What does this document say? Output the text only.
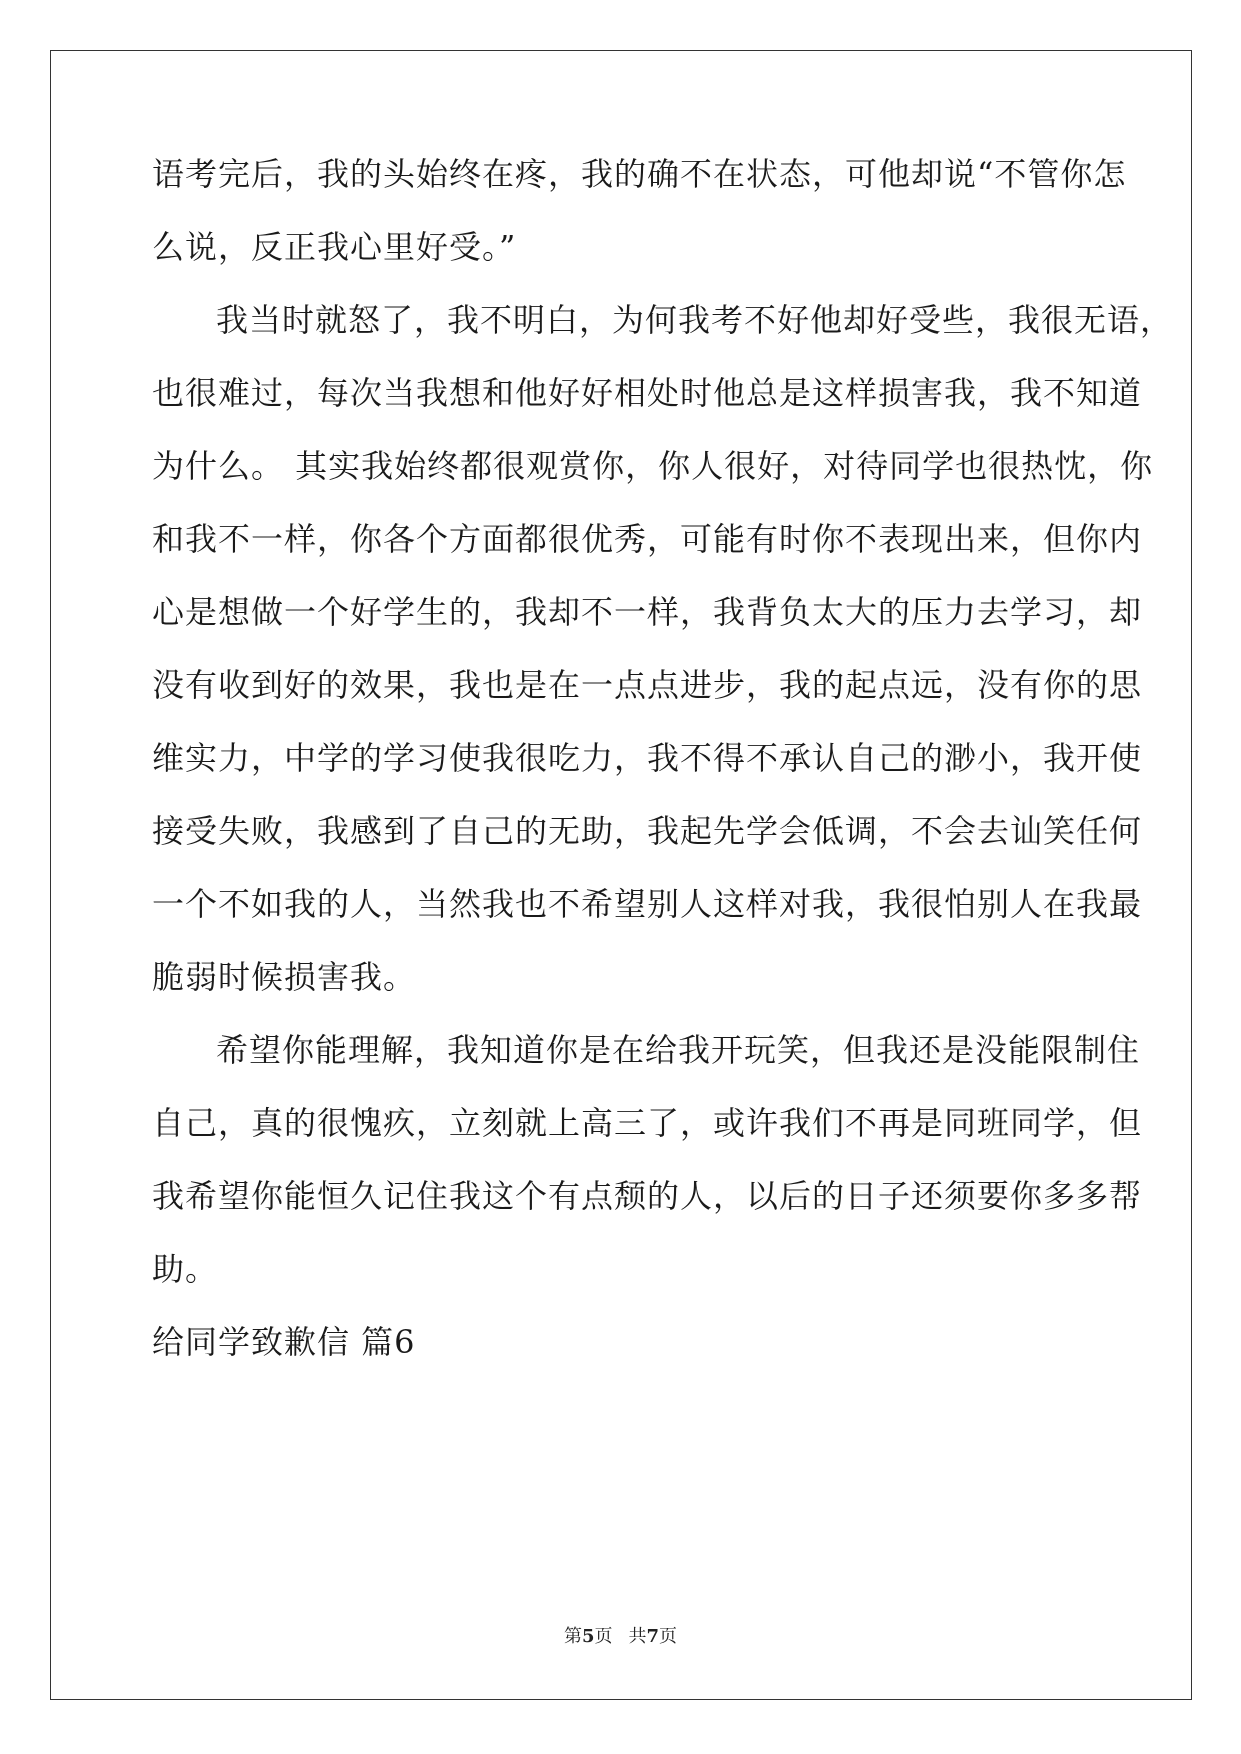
语考完后，我的头始终在疼，我的确不在状态，可他却说“不管你怎
么说，反正我心里好受。”
我当时就怒了，我不明白，为何我考不好他却好受些，我很无语，
也很难过，每次当我想和他好好相处时他总是这样损害我，我不知道
为什么。 其实我始终都很观赏你，你人很好，对待同学也很热忱，你
和我不一样，你各个方面都很优秀，可能有时你不表现出来，但你内
心是想做一个好学生的，我却不一样，我背负太大的压力去学习，却
没有收到好的效果，我也是在一点点进步，我的起点远，没有你的思
维实力，中学的学习使我很吃力，我不得不承认自己的渺小，我开使
接受失败，我感到了自己的无助，我起先学会低调，不会去讪笑任何
一个不如我的人，当然我也不希望别人这样对我，我很怕别人在我最
脆弱时候损害我。
希望你能理解，我知道你是在给我开玩笑，但我还是没能限制住
自己，真的很愧疚，立刻就上高三了，或许我们不再是同班同学，但
我希望你能恒久记住我这个有点颓的人，以后的日子还须要你多多帮
助。
给同学致歉信 篇6
第5页 共7页
